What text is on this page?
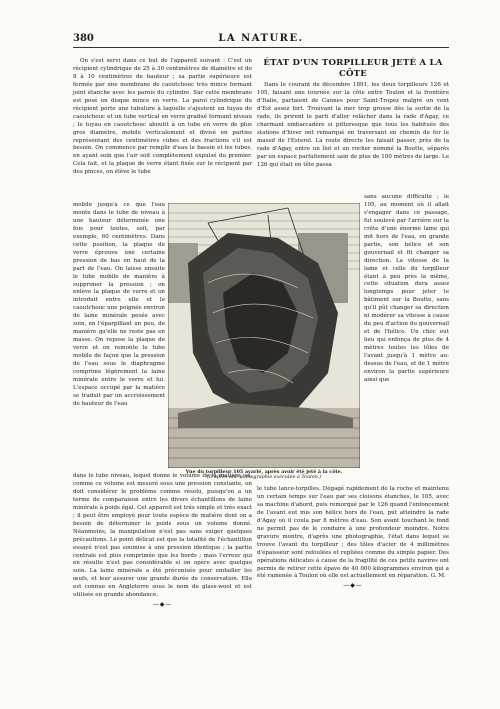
380	LA NATURE.

On s'est servi dans ce but de l'appareil suivant : C'est un récipient cylindrique de 25 à 30 centimètres de diamètre et de 8 à 10 centimètres de hauteur ; sa partie supérieure est fermée par une membrane de caoutchouc très mince formant joint étanche avec les parois du cylindre. Sur cette membrane est posé un disque mince en verre. La paroi cylindrique du récipient porte une tubulure à laquelle s'ajustent un tuyau de caoutchouc et un tube vertical en verre gradué formant niveau ; le tuyau en caoutchouc aboutit à un tube en verre de plus gros diamètre, mobile verticalement et divisé en parties représentant des centimètres cubes et des fractions s'il est besoin. On commence par remplir d'eau le bassin et les tubes, en ayant soin que l'air soit complètement expulsé du premier. Cela fait, et la plaque de verre étant fixée sur le récipient par des pinces, on élève le tube

mobile jusqu'à ce que l'eau monte dans le tube de niveau à une hauteur déterminée une fois pour toutes, soit, par exemple, 60 centimètres. Dans cette position, la plaque de verre éprouve une certaine pression de bas en haut de la part de l'eau. On laisse ensuite le tube mobile de manière à supprimer la pression ; on enlève la plaque de verre et on introduit entre elle et le caoutchouc une poignée environ de laine minérale pesée avec soin, en l'éparpillant un peu, de manière qu'elle ne reste pas en masse. On repose la plaque de verre et on remonte le tube mobile de façon que la pression de l'eau sous le diaphragme comprime légèrement la laine minérale entre le verre et lui. L'espace occupé par la matière se traduit par un accroissement de hauteur de l'eau
dans le tube niveau, lequel donne le volume de la matière, et, comme ce volume est mesuré sous une pression constante, on doit considérer le problème comme résolu, puisqu'on a un terme de comparaison entre les divers échantillons de laine minérale à poids égal. Cet appareil est très simple et très exact ; il peut être employé pour toute espèce de matière dont on a besoin de déterminer le poids sous un volume donné. Néanmoins, la manipulation n'est pas sans exiger quelques précautions. Le point délicat est que la totalité de l'échantillon essayé n'est pas soumise à une pression identique ; la partie centrale est plus comprimée que les bords ; mais l'erreur qui en résulte n'est pas considérable si on opère avec quelque soin. La laine minérale a été préconisée pour emballer les œufs, et leur assurer une grande durée de conservation. Elle est connue en Angleterre sous le nom de glass-wool et est utilisée en grande abondance.
—◆—
ÉTAT D'UN TORPILLEUR JETÉ A LA CÔTE

Dans le courant de décembre 1891, les deux torpilleurs 126 et 105, faisant une tournée sur la côte entre Toulon et la frontière d'Italie, partaient de Cannes pour Saint-Tropez malgré un vent d'Est assez fort. Trouvant la mer trop grosse dès la sortie de la rade, ils prirent le parti d'aller relâcher dans la rade d'Agay, ce charmant embarcadère si pittoresque que tous les habitués des stations d'hiver ont remarqué en traversant en chemin de fer le massif de l'Esterel. La route directe les faisait passer, près de la rade d'Agay, entre un îlot et un rocher nommé la Boutte, séparés par un espace parfaitement sain de plus de 100 mètres de large. Le 126 qui était en tête passa

sans aucune difficulté ; le 105, au moment où il allait s'engager dans ce passage, fut soulevé par l'arrière sur la crête d'une énorme lame qui mit hors de l'eau, en grande partie, son hélice et son gouvernail et fit changer sa direction. La vitesse de la lame et celle du torpilleur étant à peu près la même, cette situation dura assez longtemps pour jeter le bâtiment sur la Boutte, sans qu'il pût changer sa direction ni modérer sa vitesse à cause du peu d'action du gouvernail et de l'hélice. Un choc eut lieu qui enfonça de plus de 4 mètres toutes les tôles de l'avant jusqu'à 1 mètre au-dessus de l'eau, et de 1 mètre environ la partie supérieure ainsi que
Vue du torpilleur 105 avarié, après avoir été jeté à la côte.
(D'après une photographie exécutée à Toulon.)
le tube lance-torpilles. Dégagé rapidement de la roche et maintenu un certain temps sur l'eau par ses cloisons étanches, le 105, avec sa machine d'abord, puis remorqué par le 126 quand l'enfoncement de l'avant eut mis son hélice hors de l'eau, put atteindre la rade d'Agay où il coula par 8 mètres d'eau. Son avant touchant le fond ne permit pas de le conduire à une profondeur moindre. Notre gravure montre, d'après une photographie, l'état dans lequel se trouve l'avant du torpilleur ; des tôles d'acier de 4 millimètres d'épaisseur sont refoulées et repliées comme du simple papier. Des opérations délicates à cause de la fragilité de ces petits navires ont permis de retirer cette épave de 40 000 kilogrammes environ qui a été ramenée à Toulon où elle est actuellement en réparation. G. M.
—◆—
